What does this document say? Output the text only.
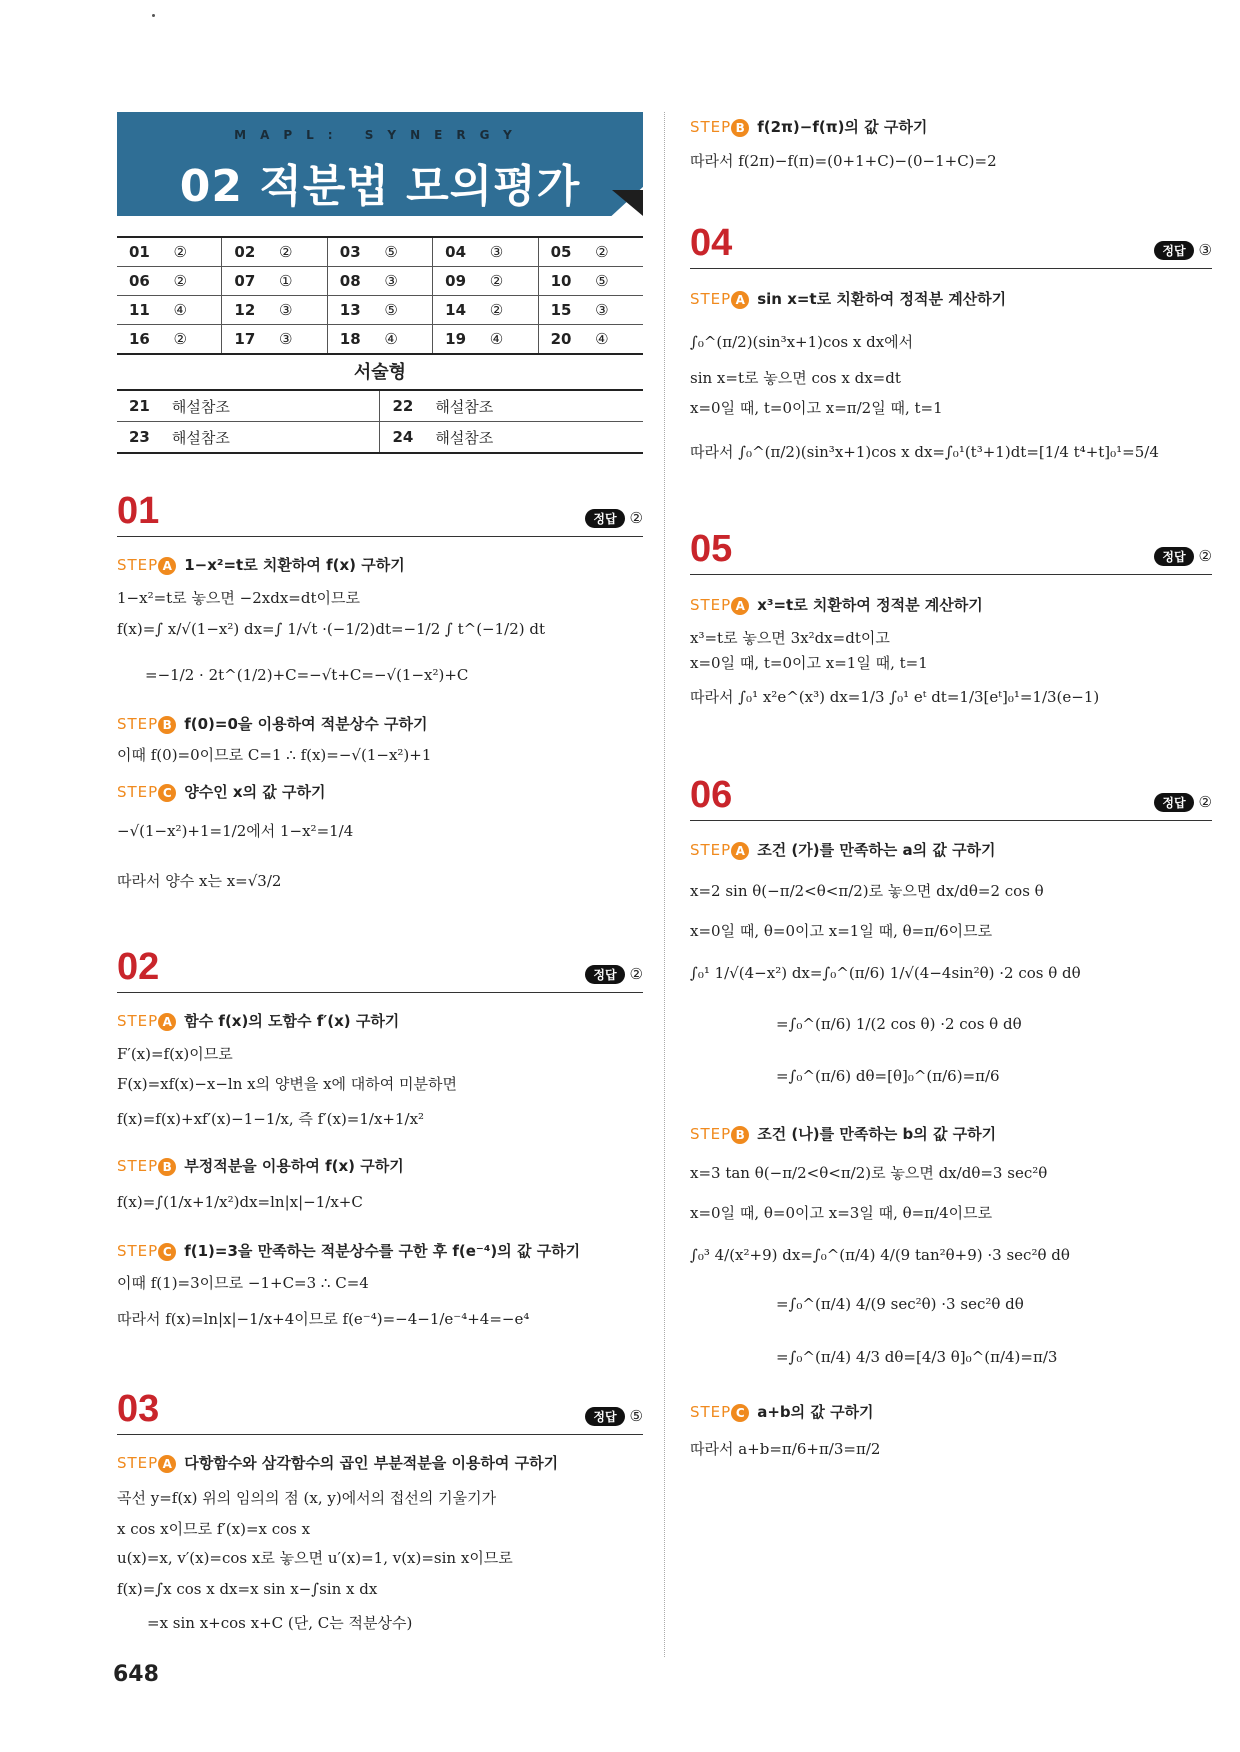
MAPL: SYNERGY
02 적분법 모의평가
01	②	02	②	03	⑤	04	③	05	②
06	②	07	①	08	③	09	②	10	⑤
11	④	12	③	13	⑤	14	②	15	③
16	②	17	③	18	④	19	④	20	④
서술형
21	해설참조	22	해설참조
23	해설참조	24	해설참조
01	정답 ②
STEP A 1−x²=t로 치환하여 f(x) 구하기
1−x²=t로 놓으면 −2xdx=dt이므로
f(x)=∫ x/√(1−x²) dx=∫ 1/√t ·(−1/2)dt=−1/2 ∫ t^(−1/2) dt
=−1/2 · 2t^(1/2)+C=−√t+C=−√(1−x²)+C
STEP B f(0)=0을 이용하여 적분상수 구하기
이때 f(0)=0이므로 C=1 ∴ f(x)=−√(1−x²)+1
STEP C 양수인 x의 값 구하기
−√(1−x²)+1=1/2에서 1−x²=1/4
따라서 양수 x는 x=√3/2
02	정답 ②
STEP A 함수 f(x)의 도함수 f′(x) 구하기
F′(x)=f(x)이므로
F(x)=xf(x)−x−ln x의 양변을 x에 대하여 미분하면
f(x)=f(x)+xf′(x)−1−1/x, 즉 f′(x)=1/x+1/x²
STEP B 부정적분을 이용하여 f(x) 구하기
f(x)=∫(1/x+1/x²)dx=ln|x|−1/x+C
STEP C f(1)=3을 만족하는 적분상수를 구한 후 f(e⁻⁴)의 값 구하기
이때 f(1)=3이므로 −1+C=3 ∴ C=4
따라서 f(x)=ln|x|−1/x+4이므로 f(e⁻⁴)=−4−1/e⁻⁴+4=−e⁴
03	정답 ⑤
STEP A 다항함수와 삼각함수의 곱인 부분적분을 이용하여 구하기
곡선 y=f(x) 위의 임의의 점 (x, y)에서의 접선의 기울기가
x cos x이므로 f′(x)=x cos x
u(x)=x, v′(x)=cos x로 놓으면 u′(x)=1, v(x)=sin x이므로
f(x)=∫x cos x dx=x sin x−∫sin x dx
=x sin x+cos x+C (단, C는 적분상수)
648
STEP B f(2π)−f(π)의 값 구하기
따라서 f(2π)−f(π)=(0+1+C)−(0−1+C)=2
04	정답 ③
STEP A sin x=t로 치환하여 정적분 계산하기
∫₀^(π/2)(sin³x+1)cos x dx에서
sin x=t로 놓으면 cos x dx=dt
x=0일 때, t=0이고 x=π/2일 때, t=1
따라서 ∫₀^(π/2)(sin³x+1)cos x dx=∫₀¹(t³+1)dt=[1/4 t⁴+t]₀¹=5/4
05	정답 ②
STEP A x³=t로 치환하여 정적분 계산하기
x³=t로 놓으면 3x²dx=dt이고
x=0일 때, t=0이고 x=1일 때, t=1
따라서 ∫₀¹ x²e^(x³) dx=1/3 ∫₀¹ eᵗ dt=1/3[eᵗ]₀¹=1/3(e−1)
06	정답 ②
STEP A 조건 (가)를 만족하는 a의 값 구하기
x=2 sin θ(−π/2<θ<π/2)로 놓으면 dx/dθ=2 cos θ
x=0일 때, θ=0이고 x=1일 때, θ=π/6이므로
∫₀¹ 1/√(4−x²) dx=∫₀^(π/6) 1/√(4−4sin²θ) ·2 cos θ dθ
=∫₀^(π/6) 1/(2 cos θ) ·2 cos θ dθ
=∫₀^(π/6) dθ=[θ]₀^(π/6)=π/6
STEP B 조건 (나)를 만족하는 b의 값 구하기
x=3 tan θ(−π/2<θ<π/2)로 놓으면 dx/dθ=3 sec²θ
x=0일 때, θ=0이고 x=3일 때, θ=π/4이므로
∫₀³ 4/(x²+9) dx=∫₀^(π/4) 4/(9 tan²θ+9) ·3 sec²θ dθ
=∫₀^(π/4) 4/(9 sec²θ) ·3 sec²θ dθ
=∫₀^(π/4) 4/3 dθ=[4/3 θ]₀^(π/4)=π/3
STEP C a+b의 값 구하기
따라서 a+b=π/6+π/3=π/2
